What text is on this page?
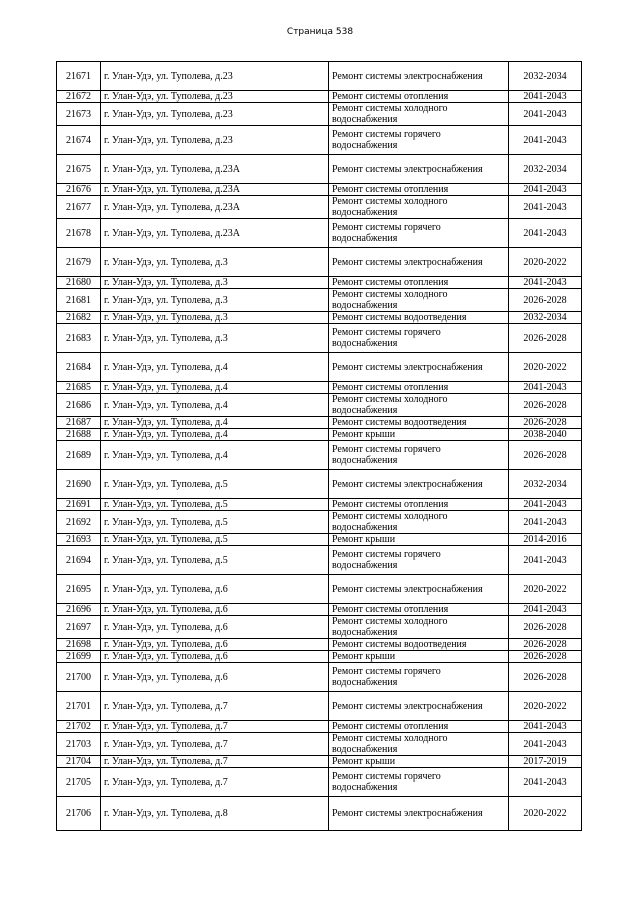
Страница 538
21671	г. Улан-Удэ, ул. Туполева, д.23	Ремонт системы электроснабжения	2032-2034
21672	г. Улан-Удэ, ул. Туполева, д.23	Ремонт системы отопления	2041-2043
21673	г. Улан-Удэ, ул. Туполева, д.23	Ремонт системы холодного водоснабжения	2041-2043
21674	г. Улан-Удэ, ул. Туполева, д.23	Ремонт системы горячего водоснабжения	2041-2043
21675	г. Улан-Удэ, ул. Туполева, д.23А	Ремонт системы электроснабжения	2032-2034
21676	г. Улан-Удэ, ул. Туполева, д.23А	Ремонт системы отопления	2041-2043
21677	г. Улан-Удэ, ул. Туполева, д.23А	Ремонт системы холодного водоснабжения	2041-2043
21678	г. Улан-Удэ, ул. Туполева, д.23А	Ремонт системы горячего водоснабжения	2041-2043
21679	г. Улан-Удэ, ул. Туполева, д.3	Ремонт системы электроснабжения	2020-2022
21680	г. Улан-Удэ, ул. Туполева, д.3	Ремонт системы отопления	2041-2043
21681	г. Улан-Удэ, ул. Туполева, д.3	Ремонт системы холодного водоснабжения	2026-2028
21682	г. Улан-Удэ, ул. Туполева, д.3	Ремонт системы водоотведения	2032-2034
21683	г. Улан-Удэ, ул. Туполева, д.3	Ремонт системы горячего водоснабжения	2026-2028
21684	г. Улан-Удэ, ул. Туполева, д.4	Ремонт системы электроснабжения	2020-2022
21685	г. Улан-Удэ, ул. Туполева, д.4	Ремонт системы отопления	2041-2043
21686	г. Улан-Удэ, ул. Туполева, д.4	Ремонт системы холодного водоснабжения	2026-2028
21687	г. Улан-Удэ, ул. Туполева, д.4	Ремонт системы водоотведения	2026-2028
21688	г. Улан-Удэ, ул. Туполева, д.4	Ремонт крыши	2038-2040
21689	г. Улан-Удэ, ул. Туполева, д.4	Ремонт системы горячего водоснабжения	2026-2028
21690	г. Улан-Удэ, ул. Туполева, д.5	Ремонт системы электроснабжения	2032-2034
21691	г. Улан-Удэ, ул. Туполева, д.5	Ремонт системы отопления	2041-2043
21692	г. Улан-Удэ, ул. Туполева, д.5	Ремонт системы холодного водоснабжения	2041-2043
21693	г. Улан-Удэ, ул. Туполева, д.5	Ремонт крыши	2014-2016
21694	г. Улан-Удэ, ул. Туполева, д.5	Ремонт системы горячего водоснабжения	2041-2043
21695	г. Улан-Удэ, ул. Туполева, д.6	Ремонт системы электроснабжения	2020-2022
21696	г. Улан-Удэ, ул. Туполева, д.6	Ремонт системы отопления	2041-2043
21697	г. Улан-Удэ, ул. Туполева, д.6	Ремонт системы холодного водоснабжения	2026-2028
21698	г. Улан-Удэ, ул. Туполева, д.6	Ремонт системы водоотведения	2026-2028
21699	г. Улан-Удэ, ул. Туполева, д.6	Ремонт крыши	2026-2028
21700	г. Улан-Удэ, ул. Туполева, д.6	Ремонт системы горячего водоснабжения	2026-2028
21701	г. Улан-Удэ, ул. Туполева, д.7	Ремонт системы электроснабжения	2020-2022
21702	г. Улан-Удэ, ул. Туполева, д.7	Ремонт системы отопления	2041-2043
21703	г. Улан-Удэ, ул. Туполева, д.7	Ремонт системы холодного водоснабжения	2041-2043
21704	г. Улан-Удэ, ул. Туполева, д.7	Ремонт крыши	2017-2019
21705	г. Улан-Удэ, ул. Туполева, д.7	Ремонт системы горячего водоснабжения	2041-2043
21706	г. Улан-Удэ, ул. Туполева, д.8	Ремонт системы электроснабжения	2020-2022
